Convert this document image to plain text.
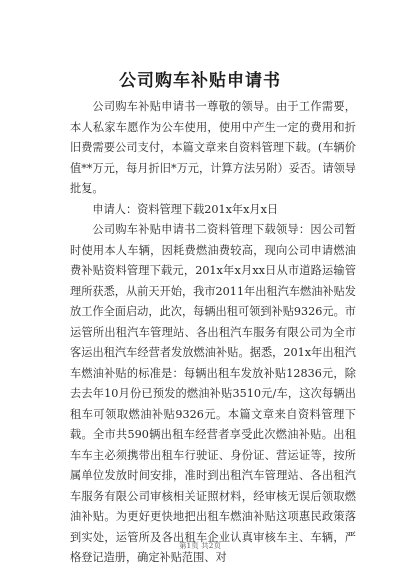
公司购车补贴申请书

公司购车补贴申请书一尊敬的领导。由于工作需要，本人私家车愿作为公车使用，使用中产生一定的费用和折旧费需要公司支付，本篇文章来自资料管理下载。(车辆价值**万元，每月折旧*万元，计算方法另附）妥否。请领导批复。

申请人：资料管理下载201x年x月x日

公司购车补贴申请书二资料管理下载领导：因公司暂时使用本人车辆，因耗费燃油费较高，现向公司申请燃油费补贴资料管理下载元，201x年x月xx日从市道路运输管理所获悉，从前天开始，我市2011年出租汽车燃油补贴发放工作全面启动，此次，每辆出租可领到补贴9326元。市运管所出租汽车管理站、各出租汽车服务有限公司为全市客运出租汽车经营者发放燃油补贴。据悉，201x年出租汽车燃油补贴的标准是：每辆出租车发放补贴12836元，除去去年10月份已预发的燃油补贴3510元/车，这次每辆出租车可领取燃油补贴9326元。本篇文章来自资料管理下载。全市共590辆出租车经营者享受此次燃油补贴。出租车车主必须携带出租车行驶证、身份证、营运证等，按所属单位发放时间安排，准时到出租汽车管理站、各出租汽车服务有限公司审核相关证照材料，经审核无误后领取燃油补贴。为更好更快地把出租车燃油补贴这项惠民政策落到实处，运管所及各出租车企业认真审核车主、车辆，严格登记造册，确定补贴范围、对

第1页 共2页
